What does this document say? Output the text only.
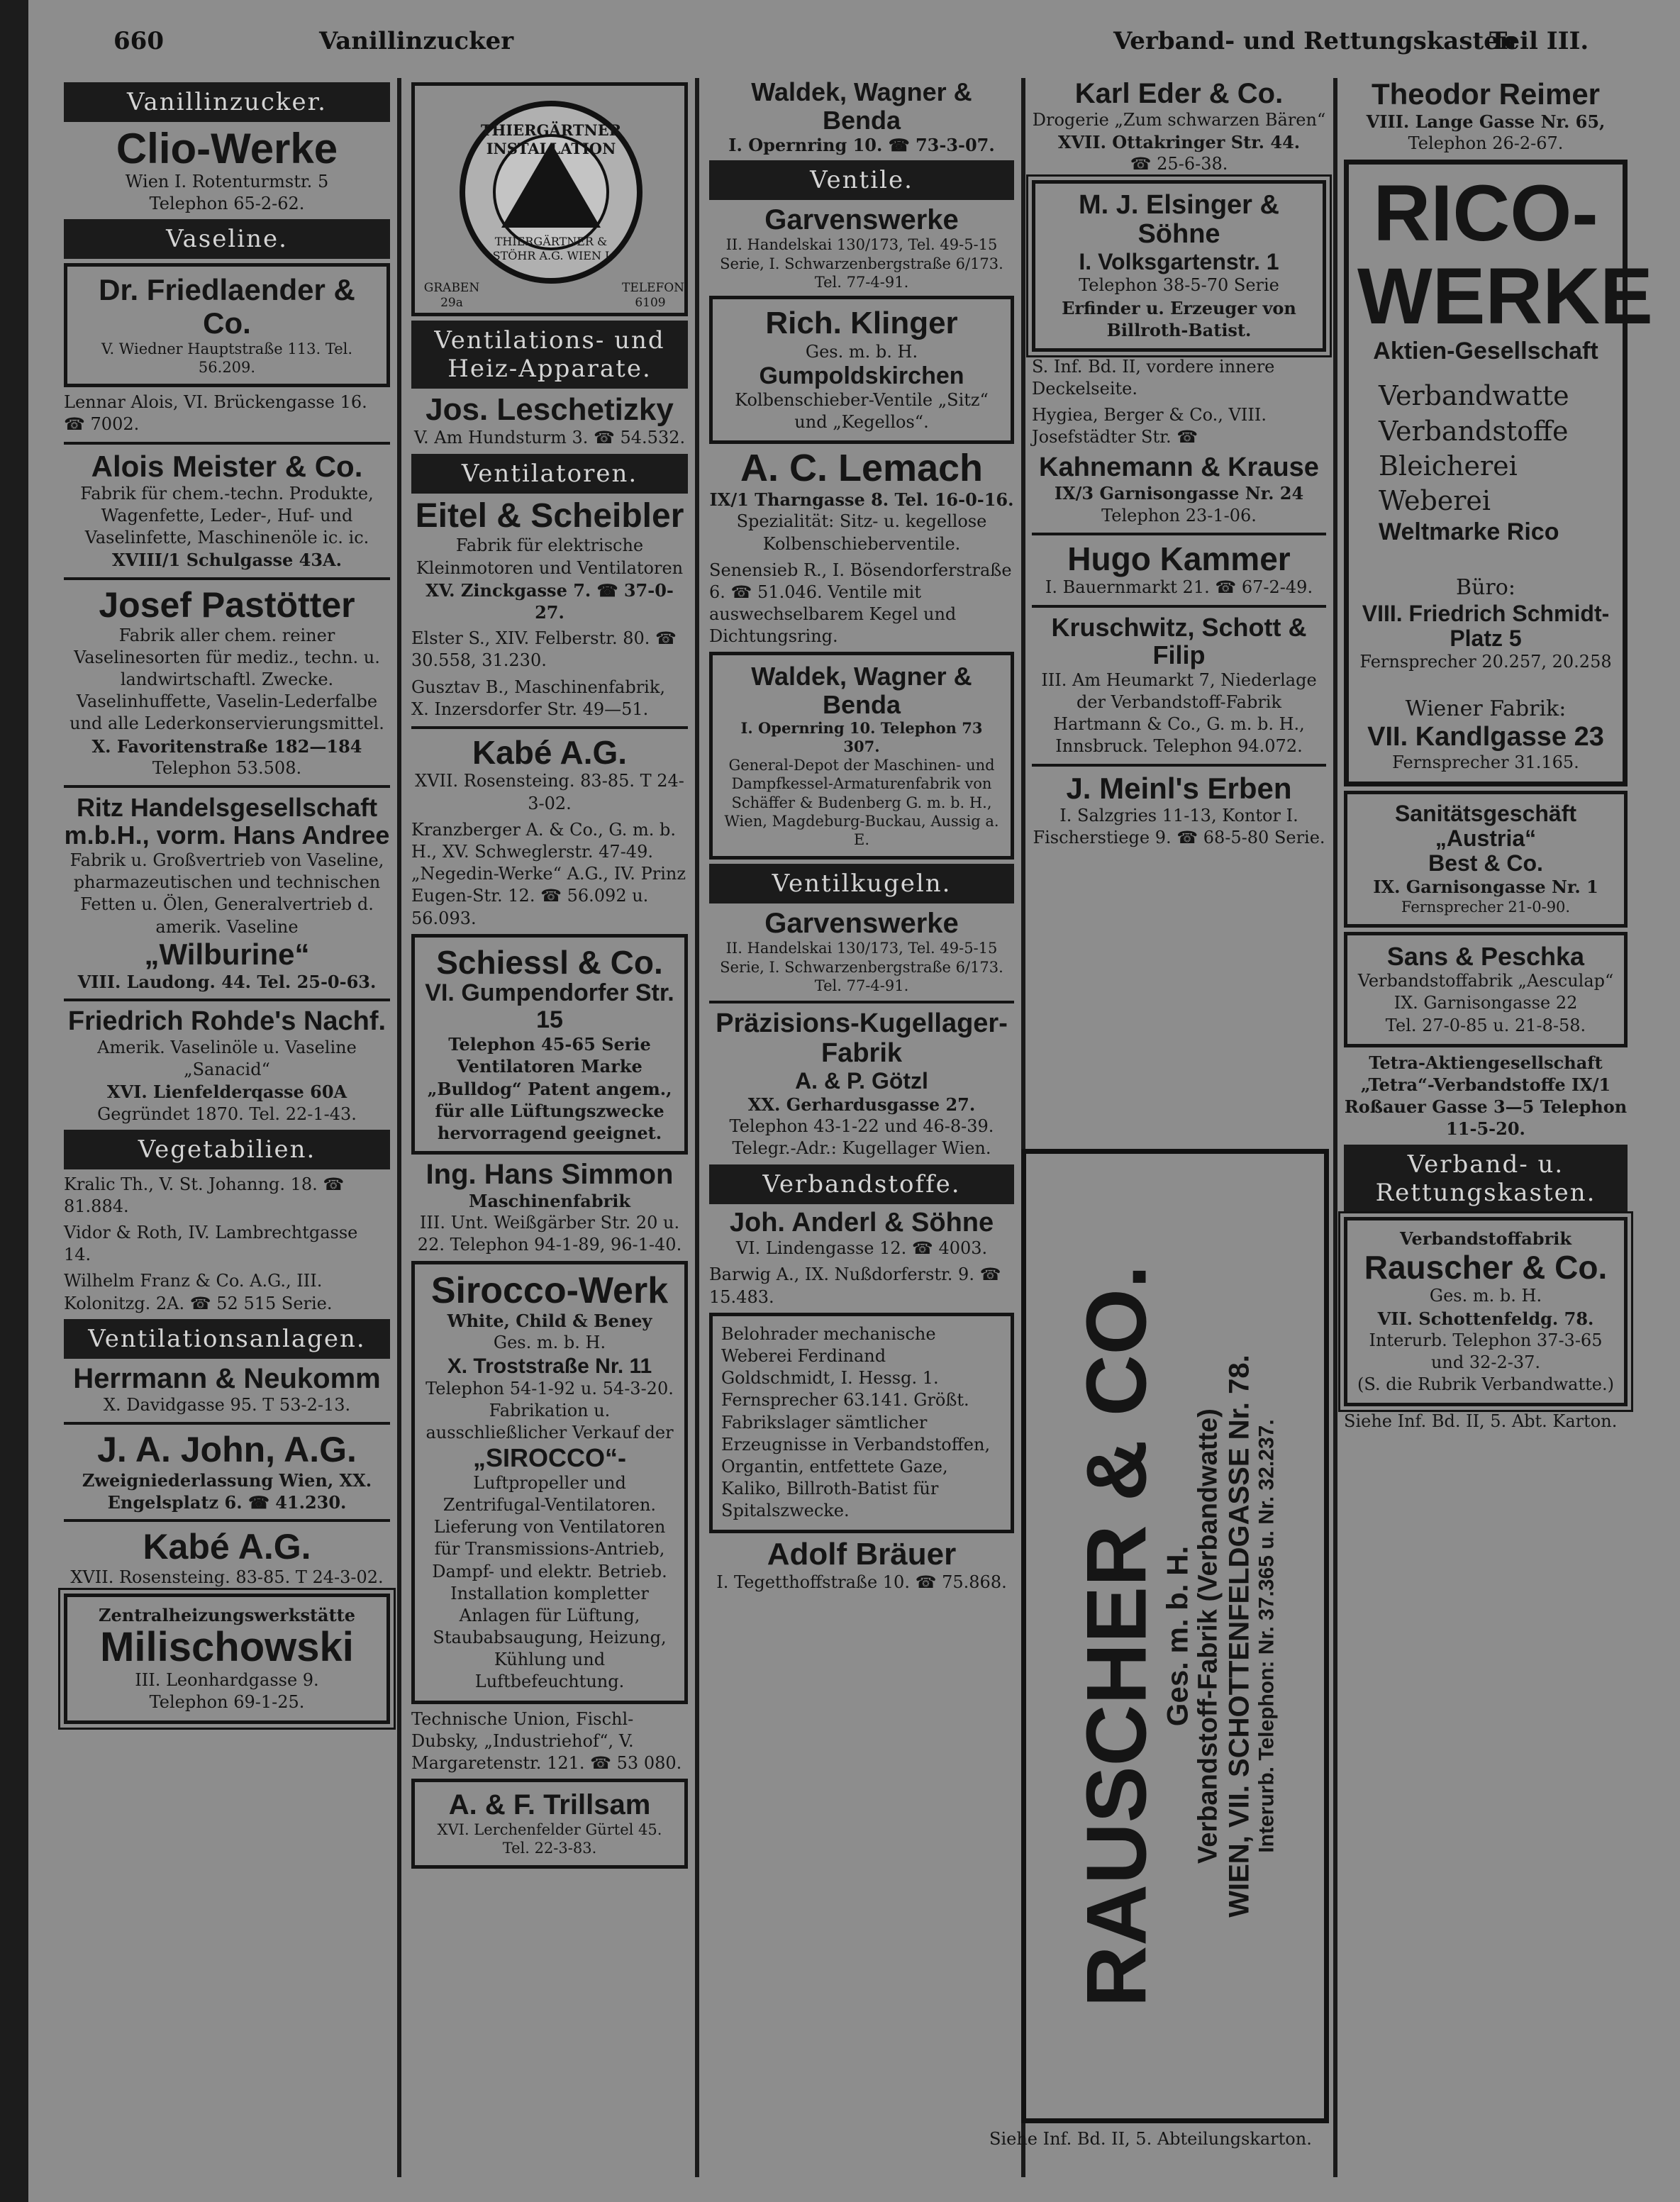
660	Vanillinzucker	Verband- und Rettungskasten
Teil III.
Vanillinzucker.
Clio-Werke
Wien I. Rotenturmstr. 5
Telephon 65-2-62.
Vaseline.
Dr. Friedlaender & Co.
V. Wiedner Hauptstraße 113. Tel. 56.209.
Lennar Alois, VI. Brückengasse 16. ☎ 7002.
Alois Meister & Co.
Fabrik für chem.-techn. Produkte, Wagenfette, Leder-, Huf- und Vaselinfette, Maschinenöle ic. ic.
XVIII/1 Schulgasse 43A.
Josef Pastötter
Fabrik aller chem. reiner Vaselinesorten für mediz., techn. u. landwirtschaftl. Zwecke. Vaselinhuffette, Vaselin-Lederfalbe und alle Lederkonservierungsmittel.
X. Favoritenstraße 182—184
Telephon 53.508.
Ritz Handelsgesellschaft m.b.H., vorm. Hans Andree
Fabrik u. Großvertrieb von Vaseline, pharmazeutischen und technischen Fetten u. Ölen, Generalvertrieb d. amerik. Vaseline
„Wilburine“
VIII. Laudong. 44. Tel. 25-0-63.
Friedrich Rohde's Nachf.
Amerik. Vaselinöle u. Vaseline „Sanacid“
XVI. Lienfelderqasse 60A
Gegründet 1870. Tel. 22-1-43.
Vegetabilien.
Kralic Th., V. St. Johanng. 18. ☎ 81.884.
Vidor & Roth, IV. Lambrechtgasse 14.
Wilhelm Franz & Co. A.G., III. Kolonitzg. 2A. ☎ 52 515 Serie.
Ventilationsanlagen.
Herrmann & Neukomm
X. Davidgasse 95. T 53-2-13.
J. A. John, A.G.
Zweigniederlassung Wien, XX. Engelsplatz 6. ☎ 41.230.
Kabé A.G.
XVII. Rosensteing. 83-85. T 24-3-02.
Zentralheizungswerkstätte
Milischowski
III. Leonhardgasse 9.
Telephon 69-1-25.
THIERGÄRTNER INSTALLATION
THIERGÄRTNER & STÖHR A.G. WIEN I
GRABEN 29a
TELEFON 6109
Ventilations- und Heiz-Apparate.
Jos. Leschetizky
V. Am Hundsturm 3. ☎ 54.532.
Ventilatoren.
Eitel & Scheibler
Fabrik für elektrische Kleinmotoren und Ventilatoren
XV. Zinckgasse 7. ☎ 37-0-27.
Elster S., XIV. Felberstr. 80. ☎ 30.558, 31.230.
Gusztav B., Maschinenfabrik, X. Inzersdorfer Str. 49—51.
Kabé A.G.
XVII. Rosensteing. 83-85. T 24-3-02.
Kranzberger A. & Co., G. m. b. H., XV. Schweglerstr. 47-49. „Negedin-Werke“ A.G., IV. Prinz Eugen-Str. 12. ☎ 56.092 u. 56.093.
Schiessl & Co.
VI. Gumpendorfer Str. 15
Telephon 45-65 Serie
Ventilatoren Marke „Bulldog“ Patent angem., für alle Lüftungszwecke hervorragend geeignet.
Ing. Hans Simmon
Maschinenfabrik
III. Unt. Weißgärber Str. 20 u. 22. Telephon 94-1-89, 96-1-40.
Sirocco-Werk
White, Child & Beney
Ges. m. b. H.
X. Troststraße Nr. 11
Telephon 54-1-92 u. 54-3-20.
Fabrikation u. ausschließlicher Verkauf der
„SIROCCO“-
Luftpropeller und Zentrifugal-Ventilatoren.
Lieferung von Ventilatoren für Transmissions-Antrieb, Dampf- und elektr. Betrieb. Installation kompletter Anlagen für Lüftung, Staubabsaugung, Heizung, Kühlung und Luftbefeuchtung.
Technische Union, Fischl-Dubsky, „Industriehof“, V. Margaretenstr. 121. ☎ 53 080.
A. & F. Trillsam
XVI. Lerchenfelder Gürtel 45. Tel. 22-3-83.
Waldek, Wagner & Benda
I. Opernring 10. ☎ 73-3-07.
Ventile.
Garvenswerke
II. Handelskai 130/173, Tel. 49-5-15 Serie, I. Schwarzenbergstraße 6/173. Tel. 77-4-91.
Rich. Klinger
Ges. m. b. H.
Gumpoldskirchen
Kolbenschieber-Ventile „Sitz“ und „Kegellos“.
A. C. Lemach
IX/1 Tharngasse 8. Tel. 16-0-16.
Spezialität: Sitz- u. kegellose Kolbenschieberventile.
Senensieb R., I. Bösendorferstraße 6. ☎ 51.046. Ventile mit auswechselbarem Kegel und Dichtungsring.
Waldek, Wagner & Benda
I. Opernring 10. Telephon 73 307.
General-Depot der Maschinen- und Dampfkessel-Armaturenfabrik von Schäffer & Budenberg G. m. b. H., Wien, Magdeburg-Buckau, Aussig a. E.
Ventilkugeln.
Garvenswerke
II. Handelskai 130/173, Tel. 49-5-15 Serie, I. Schwarzenbergstraße 6/173. Tel. 77-4-91.
Präzisions-Kugellager-Fabrik
A. & P. Götzl
XX. Gerhardusgasse 27.
Telephon 43-1-22 und 46-8-39. Telegr.-Adr.: Kugellager Wien.
Verbandstoffe.
Joh. Anderl & Söhne
VI. Lindengasse 12. ☎ 4003.
Barwig A., IX. Nußdorferstr. 9. ☎ 15.483.
Belohrader mechanische Weberei Ferdinand Goldschmidt, I. Hessg. 1. Fernsprecher 63.141. Größt. Fabrikslager sämtlicher Erzeugnisse in Verbandstoffen, Organtin, entfettete Gaze, Kaliko, Billroth-Batist für Spitalszwecke.
Adolf Bräuer
I. Tegetthoffstraße 10. ☎ 75.868.
Karl Eder & Co.
Drogerie „Zum schwarzen Bären“
XVII. Ottakringer Str. 44.
☎ 25-6-38.
M. J. Elsinger & Söhne
I. Volksgartenstr. 1
Telephon 38-5-70 Serie
Erfinder u. Erzeuger von
Billroth-Batist.
S. Inf. Bd. II, vordere innere Deckelseite.
Hygiea, Berger & Co., VIII. Josefstädter Str. ☎
Kahnemann & Krause
IX/3 Garnisongasse Nr. 24
Telephon 23-1-06.
Hugo Kammer
I. Bauernmarkt 21. ☎ 67-2-49.
Kruschwitz, Schott & Filip
III. Am Heumarkt 7, Niederlage der Verbandstoff-Fabrik Hartmann & Co., G. m. b. H., Innsbruck. Telephon 94.072.
J. Meinl's Erben
I. Salzgries 11-13, Kontor I. Fischerstiege 9. ☎ 68-5-80 Serie.
RAUSCHER & CO.
Ges. m. b. H. Verbandstoff-Fabrik (Verbandwatte) WIEN, VII. SCHOTTENFELDGASSE Nr. 78. Interurb. Telephon: Nr. 37.365 u. Nr. 32.237.
Siehe Inf. Bd. II, 5. Abteilungskarton.
Theodor Reimer
VIII. Lange Gasse Nr. 65,
Telephon 26-2-67.
RICO-
WERKE
Aktien-Gesellschaft
Verbandwatte
Verbandstoffe
Bleicherei
Weberei
Weltmarke Rico
Büro:
VIII. Friedrich Schmidt-Platz 5
Fernsprecher 20.257, 20.258
Wiener Fabrik:
VII. Kandlgasse 23
Fernsprecher 31.165.
Sanitätsgeschäft „Austria“
Best & Co.
IX. Garnisongasse Nr. 1
Fernsprecher 21-0-90.
Sans & Peschka
Verbandstoffabrik „Aesculap“
IX. Garnisongasse 22
Tel. 27-0-85 u. 21-8-58.
Tetra-Aktiengesellschaft „Tetra“-Verbandstoffe IX/1 Roßauer Gasse 3—5 Telephon 11-5-20.
Verband- u. Rettungskasten.
Verbandstoffabrik
Rauscher & Co.
Ges. m. b. H.
VII. Schottenfeldg. 78.
Interurb. Telephon 37-3-65 und 32-2-37.
(S. die Rubrik Verbandwatte.)
Siehe Inf. Bd. II, 5. Abt. Karton.
